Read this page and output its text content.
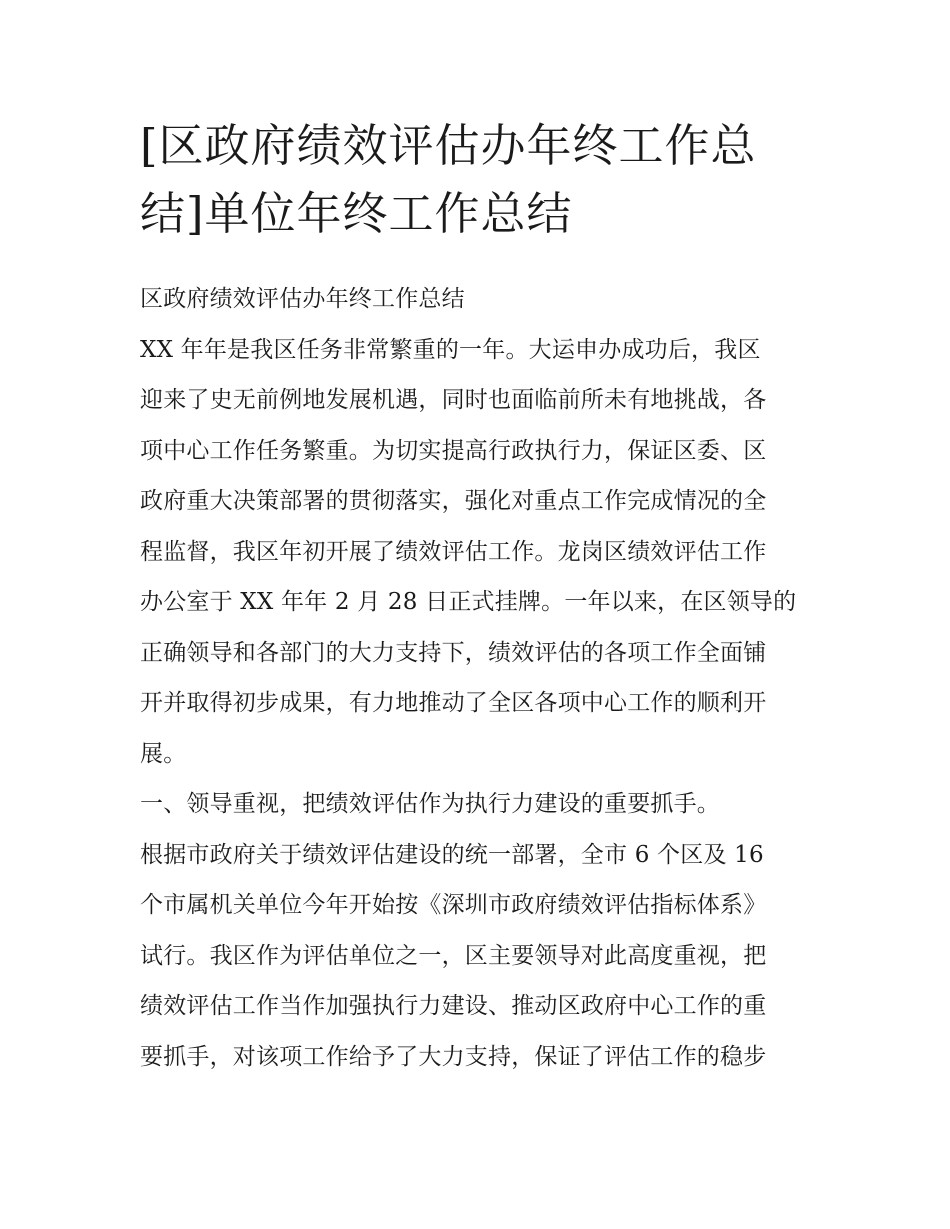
[区政府绩效评估办年终工作总
结]单位年终工作总结
区政府绩效评估办年终工作总结
XX 年年是我区任务非常繁重的一年。大运申办成功后，我区
迎来了史无前例地发展机遇，同时也面临前所未有地挑战，各
项中心工作任务繁重。为切实提高行政执行力，保证区委、区
政府重大决策部署的贯彻落实，强化对重点工作完成情况的全
程监督，我区年初开展了绩效评估工作。龙岗区绩效评估工作
办公室于 XX 年年 2 月 28 日正式挂牌。一年以来，在区领导的
正确领导和各部门的大力支持下，绩效评估的各项工作全面铺
开并取得初步成果，有力地推动了全区各项中心工作的顺利开
展。
一、领导重视，把绩效评估作为执行力建设的重要抓手。
根据市政府关于绩效评估建设的统一部署，全市 6 个区及 16
个市属机关单位今年开始按《深圳市政府绩效评估指标体系》
试行。我区作为评估单位之一，区主要领导对此高度重视，把
绩效评估工作当作加强执行力建设、推动区政府中心工作的重
要抓手，对该项工作给予了大力支持，保证了评估工作的稳步
